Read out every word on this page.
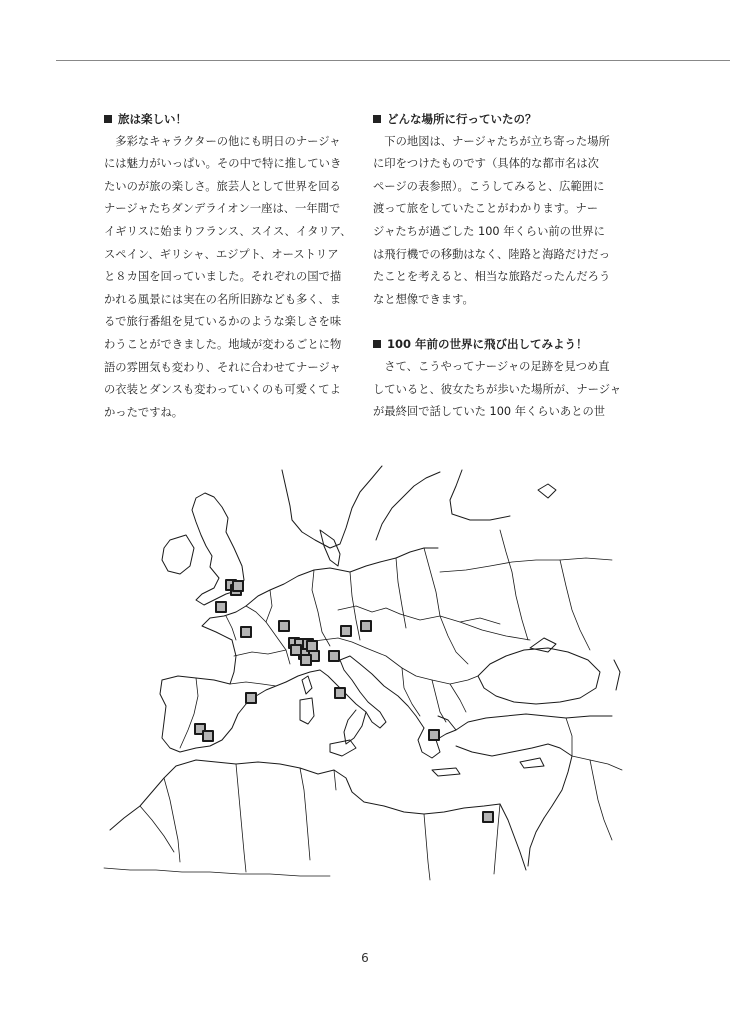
旅は楽しい！
　多彩なキャラクターの他にも明日のナージャ
には魅力がいっぱい。その中で特に推していき
たいのが旅の楽しさ。旅芸人として世界を回る
ナージャたちダンデライオン一座は、一年間で
イギリスに始まりフランス、スイス、イタリア、
スペイン、ギリシャ、エジプト、オーストリア
と８カ国を回っていました。それぞれの国で描
かれる風景には実在の名所旧跡なども多く、ま
るで旅行番組を見ているかのような楽しさを味
わうことができました。地域が変わるごとに物
語の雰囲気も変わり、それに合わせてナージャ
の衣装とダンスも変わっていくのも可愛くてよ
かったですね。
どんな場所に行っていたの？
　下の地図は、ナージャたちが立ち寄った場所
に印をつけたものです（具体的な都市名は次
ページの表参照）。こうしてみると、広範囲に
渡って旅をしていたことがわかります。ナー
ジャたちが過ごした 100 年くらい前の世界に
は飛行機での移動はなく、陸路と海路だけだっ
たことを考えると、相当な旅路だったんだろう
なと想像できます。
100 年前の世界に飛び出してみよう！
　さて、こうやってナージャの足跡を見つめ直
していると、彼女たちが歩いた場所が、ナージャ
が最終回で話していた 100 年くらいあとの世
6
